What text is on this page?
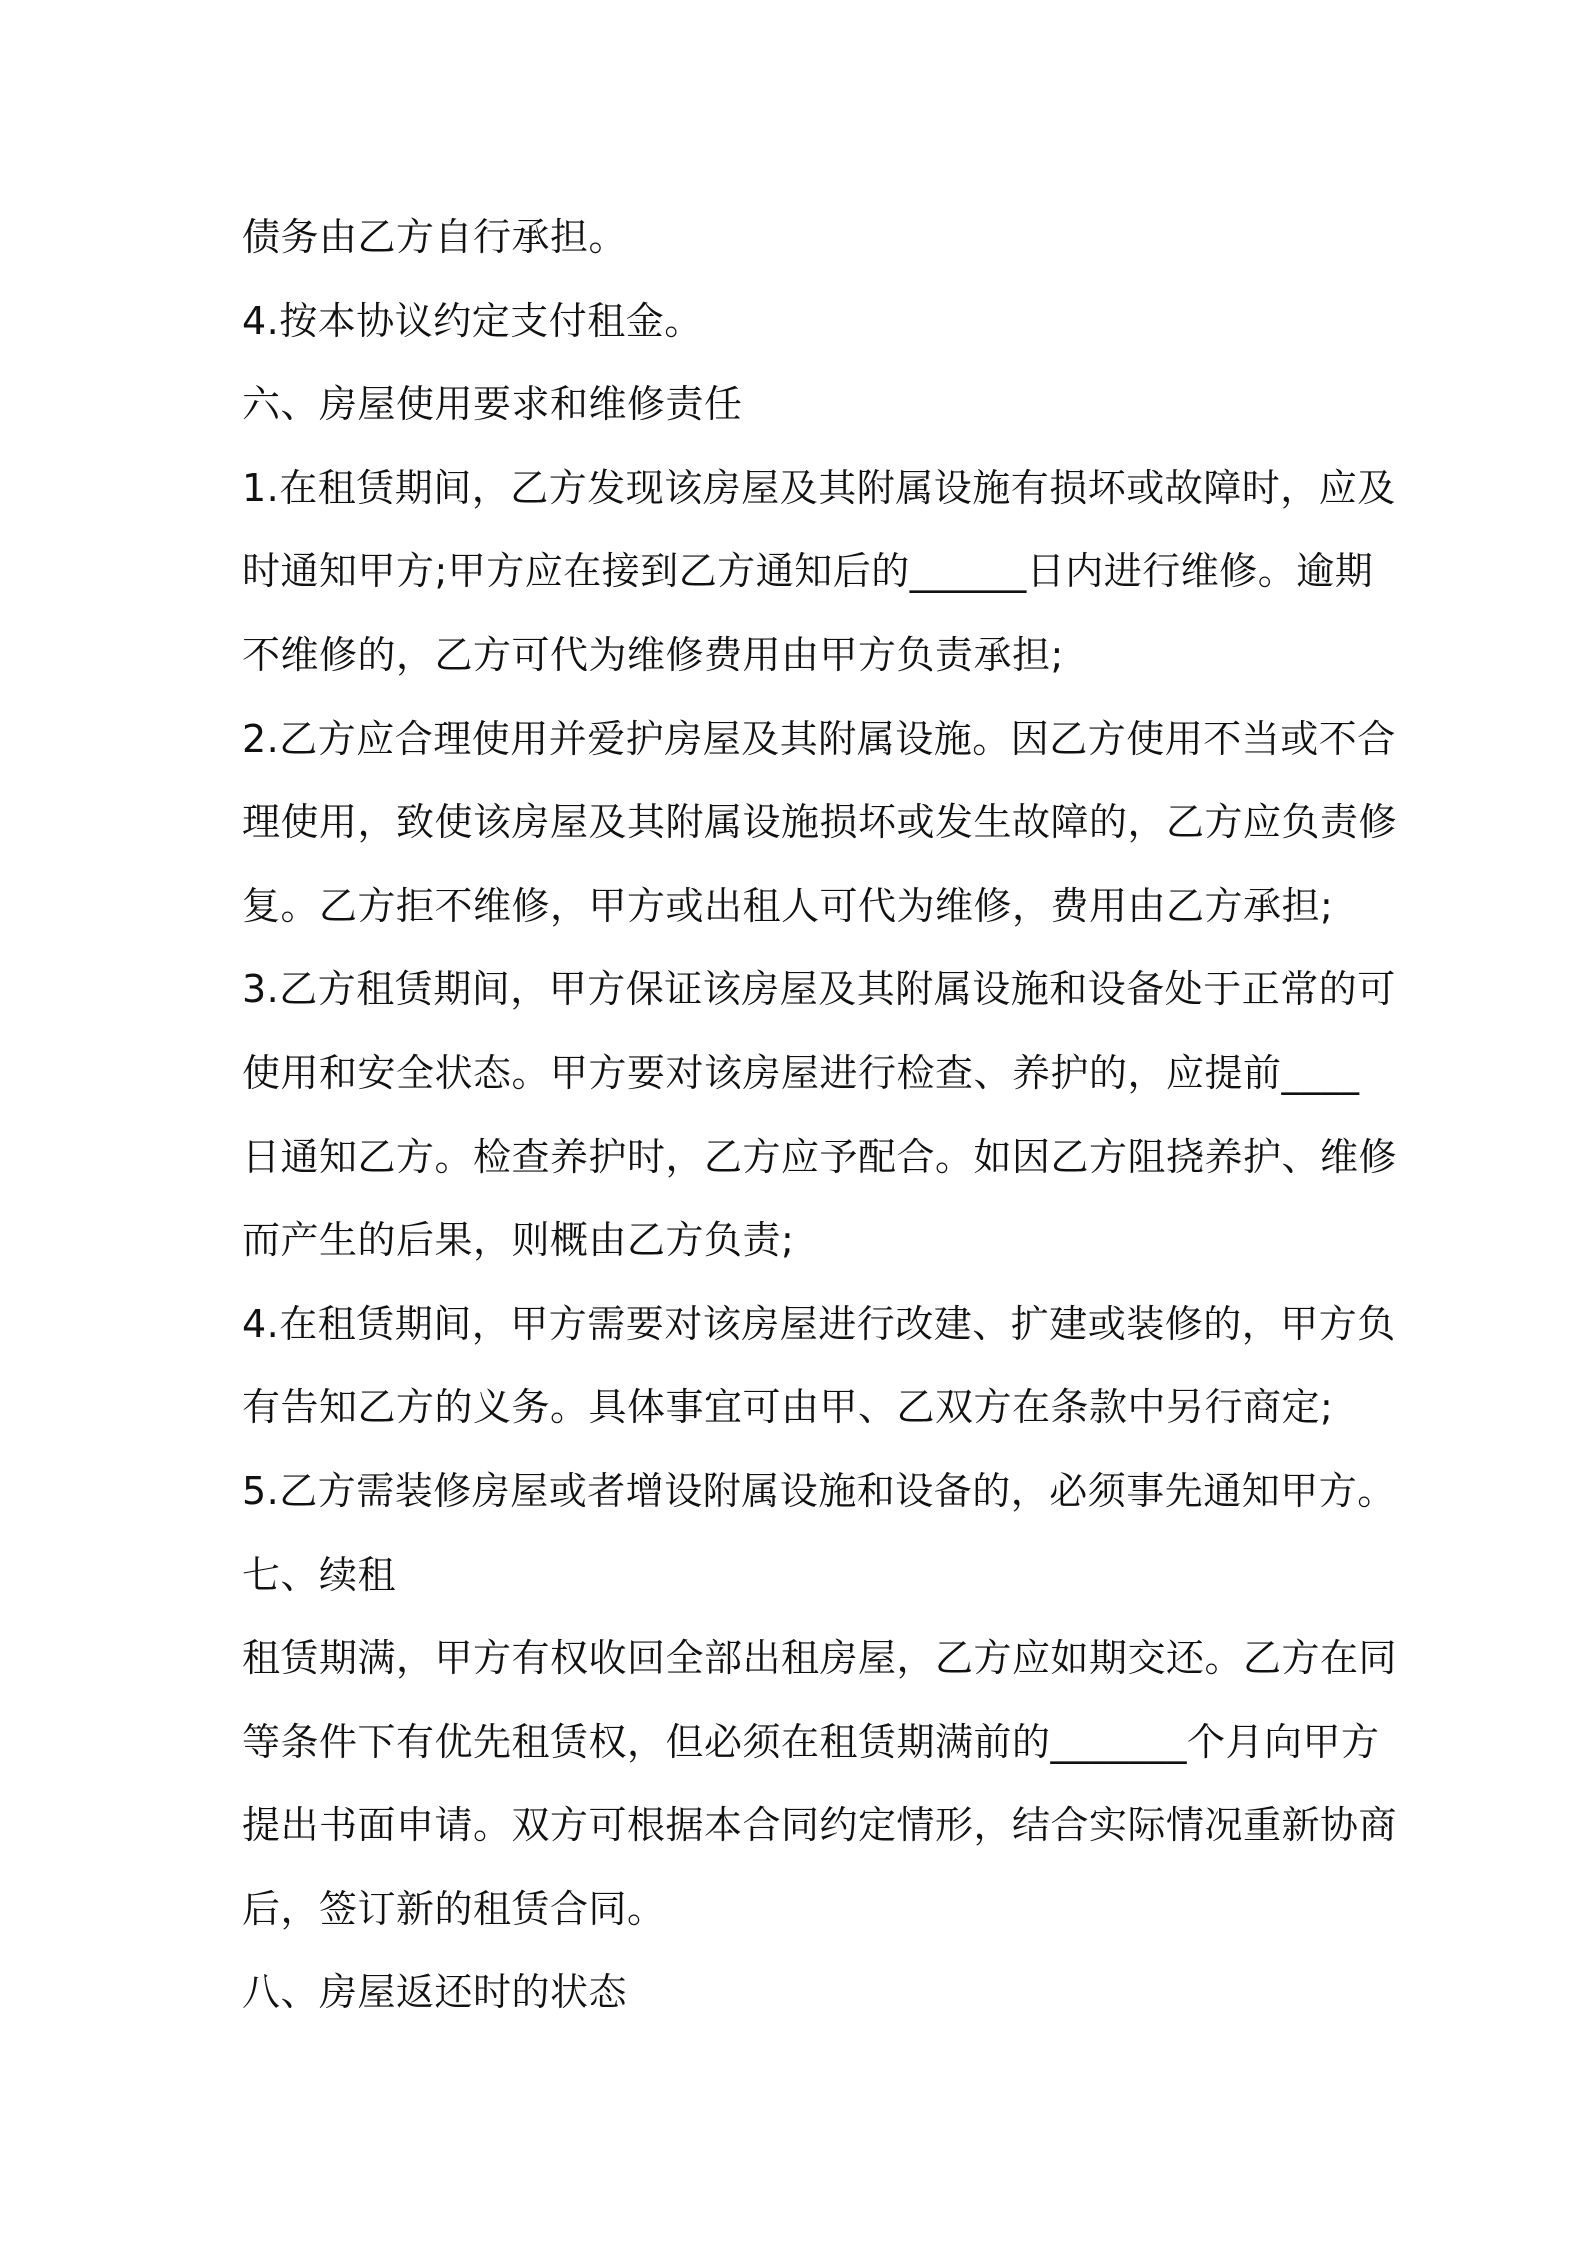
债务由乙方自行承担。
4.按本协议约定支付租金。
六、房屋使用要求和维修责任
1.在租赁期间，乙方发现该房屋及其附属设施有损坏或故障时，应及
时通知甲方;甲方应在接到乙方通知后的______日内进行维修。逾期
不维修的，乙方可代为维修费用由甲方负责承担;
2.乙方应合理使用并爱护房屋及其附属设施。因乙方使用不当或不合
理使用，致使该房屋及其附属设施损坏或发生故障的，乙方应负责修
复。乙方拒不维修，甲方或出租人可代为维修，费用由乙方承担;
3.乙方租赁期间，甲方保证该房屋及其附属设施和设备处于正常的可
使用和安全状态。甲方要对该房屋进行检查、养护的，应提前____
日通知乙方。检查养护时，乙方应予配合。如因乙方阻挠养护、维修
而产生的后果，则概由乙方负责;
4.在租赁期间，甲方需要对该房屋进行改建、扩建或装修的，甲方负
有告知乙方的义务。具体事宜可由甲、乙双方在条款中另行商定;
5.乙方需装修房屋或者增设附属设施和设备的，必须事先通知甲方。
七、续租
租赁期满，甲方有权收回全部出租房屋，乙方应如期交还。乙方在同
等条件下有优先租赁权，但必须在租赁期满前的_______个月向甲方
提出书面申请。双方可根据本合同约定情形，结合实际情况重新协商
后，签订新的租赁合同。
八、房屋返还时的状态
